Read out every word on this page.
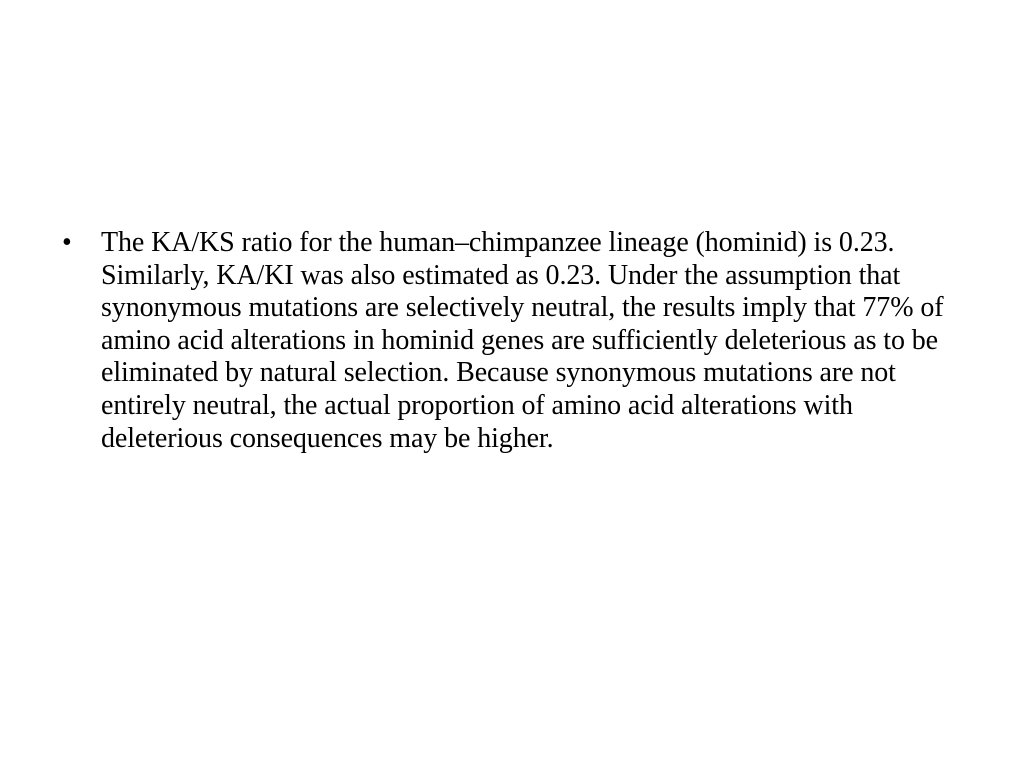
•	The KA/KS ratio for the human–chimpanzee lineage (hominid) is 0.23. Similarly, KA/KI was also estimated as 0.23. Under the assumption that synonymous mutations are selectively neutral, the results imply that 77% of amino acid alterations in hominid genes are sufficiently deleterious as to be eliminated by natural selection. Because synonymous mutations are not entirely neutral, the actual proportion of amino acid alterations with deleterious consequences may be higher.
